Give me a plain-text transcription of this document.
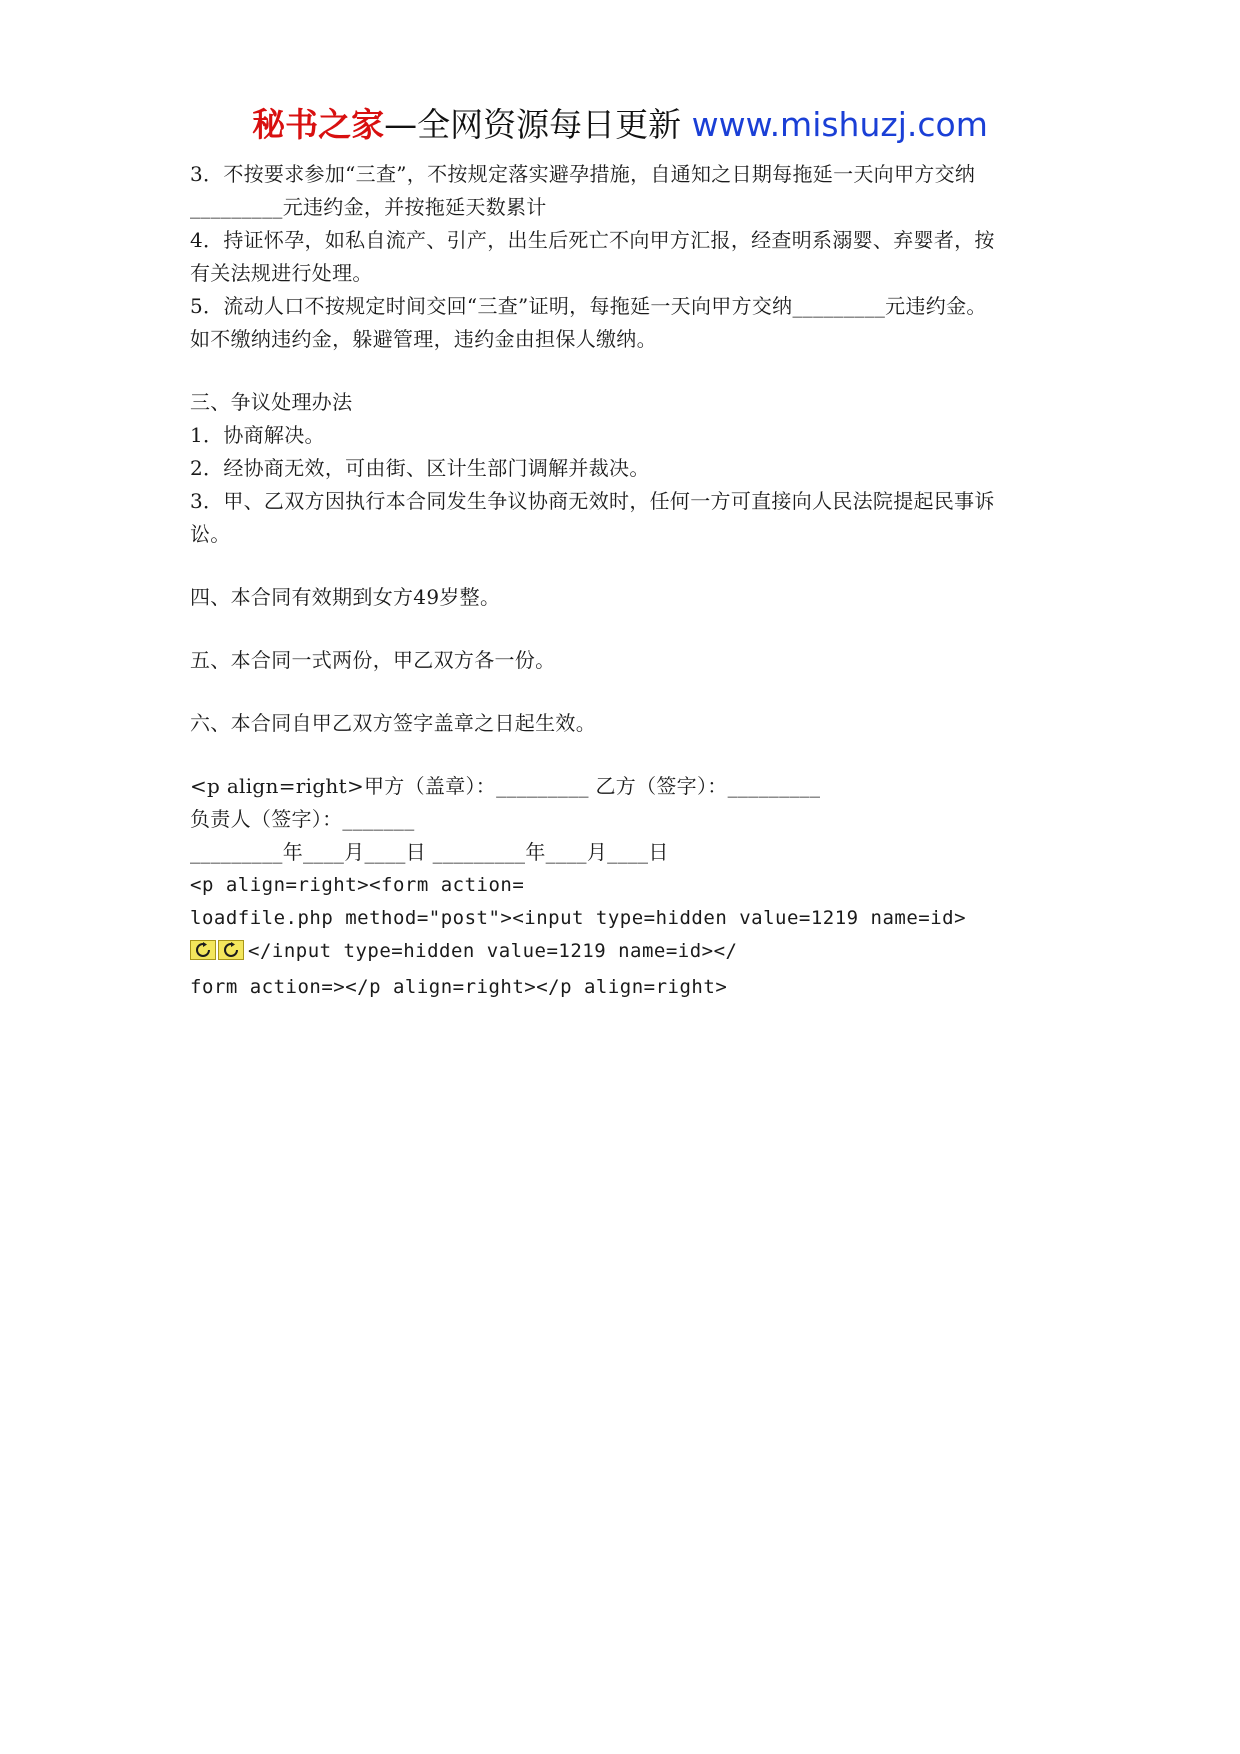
秘书之家—全网资源每日更新 www.mishuzj.com
3．不按要求参加“三查”，不按规定落实避孕措施，自通知之日期每拖延一天向甲方交纳
_________元违约金，并按拖延天数累计
4．持证怀孕，如私自流产、引产，出生后死亡不向甲方汇报，经查明系溺婴、弃婴者，按
有关法规进行处理。
5．流动人口不按规定时间交回“三查”证明，每拖延一天向甲方交纳_________元违约金。
如不缴纳违约金，躲避管理，违约金由担保人缴纳。
三、争议处理办法
1．协商解决。
2．经协商无效，可由街、区计生部门调解并裁决。
3．甲、乙双方因执行本合同发生争议协商无效时，任何一方可直接向人民法院提起民事诉
讼。
四、本合同有效期到女方49岁整。
五、本合同一式两份，甲乙双方各一份。
六、本合同自甲乙双方签字盖章之日起生效。
<p align=right>甲方（盖章）：_________ 乙方（签字）：_________
负责人（签字）：_______
_________年____月____日 _________年____月____日
<p align=right><form action=
loadfile.php method="post"><input type=hidden value=1219 name=id>
</input type=hidden value=1219 name=id></
form action=></p align=right></p align=right>
